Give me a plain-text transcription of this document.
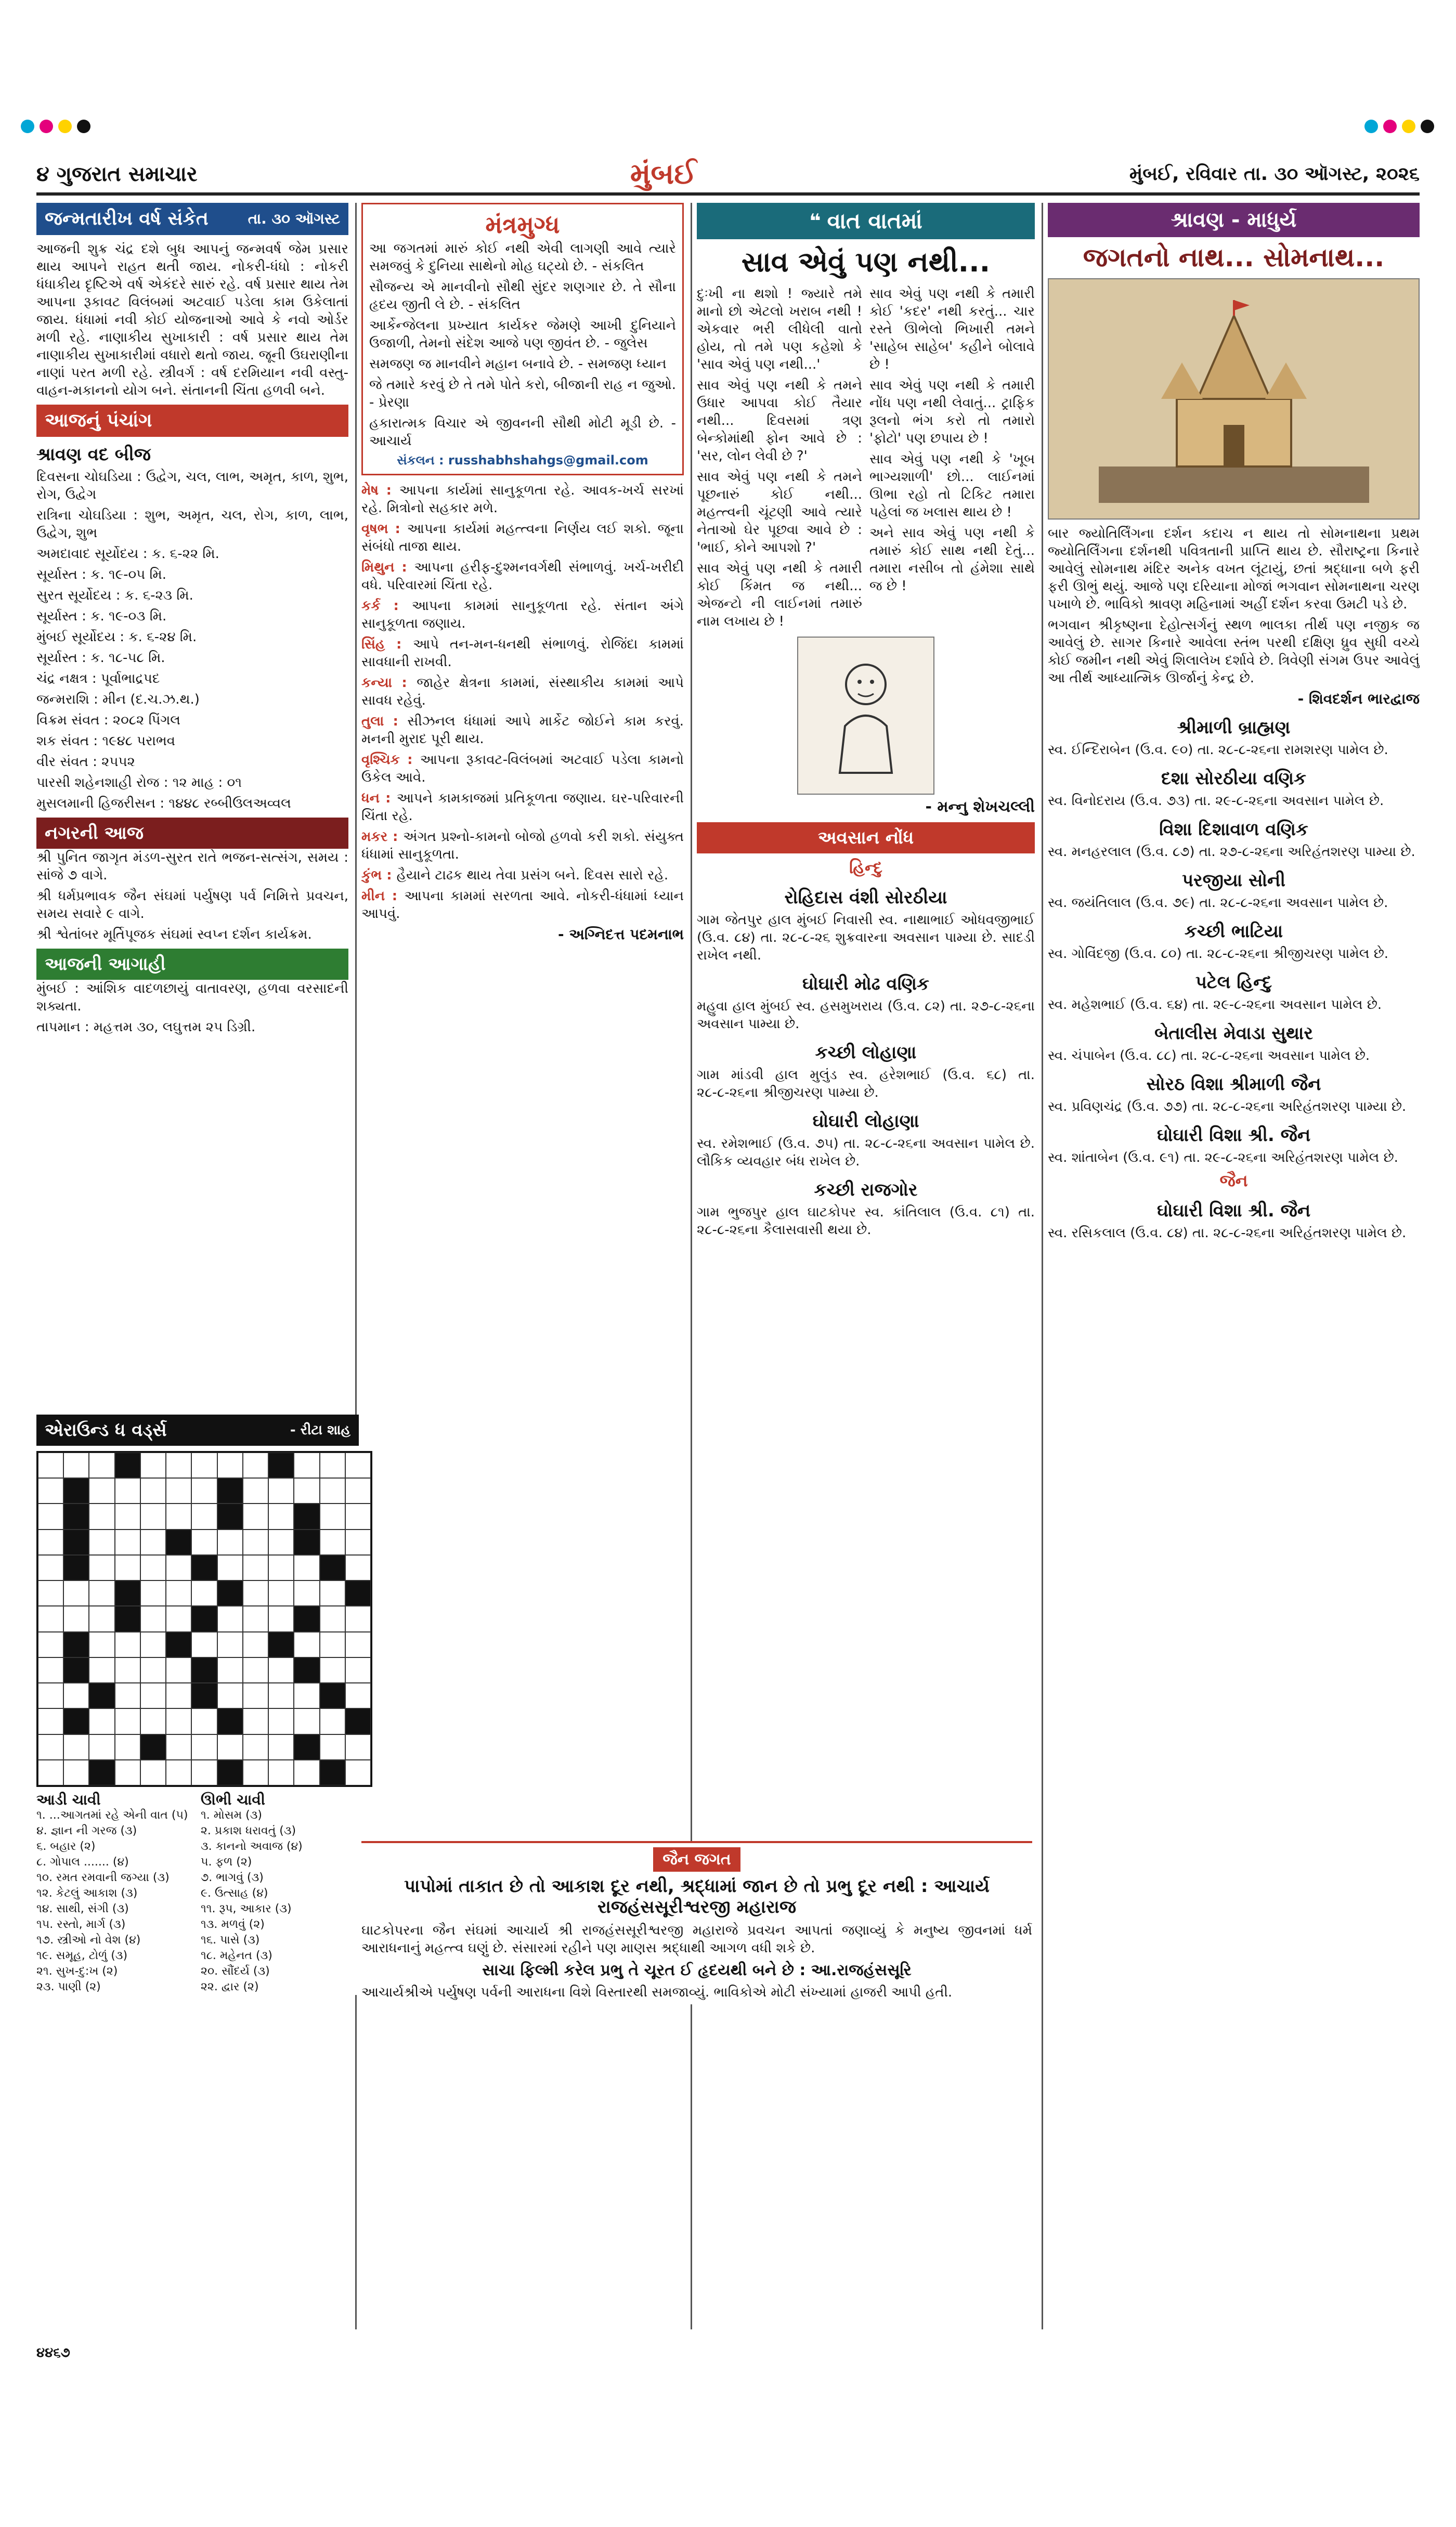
૪ ગુજરાત સમાચાર	મુંબઈ	મુંબઈ, રવિવાર તા. ૩૦ ઑગસ્ટ, ૨૦૨૬
જન્મતારીખ વર્ષ સંકેત	તા. ૩૦ ઑગસ્ટ

આજની શુક્ર ચંદ્ર દશે બુધ આપનું જન્મવર્ષ જેમ પ્રસાર થાય આપને રાહત થતી જાય. નોકરી-ધંધો : નોકરી ધંધાકીય દૃષ્ટિએ વર્ષ એકંદરે સારું રહે. વર્ષ પ્રસાર થાય તેમ આપના રૂકાવટ વિલંબમાં અટવાઈ પડેલા કામ ઉકેલાતાં જાય. ધંધામાં નવી કોઈ યોજનાઓ આવે કે નવો ઓર્ડર મળી રહે. નાણાકીય સુખાકારી : વર્ષ પ્રસાર થાય તેમ નાણાકીય સુખાકારીમાં વધારો થતો જાય. જૂની ઉઘરાણીના નાણાં પરત મળી રહે. સ્ત્રીવર્ગ : વર્ષ દરમિયાન નવી વસ્તુ-વાહન-મકાનનો યોગ બને. સંતાનની ચિંતા હળવી બને.

આજનું પંચાંગ
શ્રાવણ વદ બીજ

દિવસના ચોઘડિયા : ઉદ્વેગ, ચલ, લાભ, અમૃત, કાળ, શુભ, રોગ, ઉદ્વેગ

રાત્રિના ચોઘડિયા : શુભ, અમૃત, ચલ, રોગ, કાળ, લાભ, ઉદ્વેગ, શુભ

અમદાવાદ સૂર્યોદય : ક. ૬-૨૨ મિ.

સૂર્યાસ્ત : ક. ૧૯-૦૫ મિ.

સુરત સૂર્યોદય : ક. ૬-૨૩ મિ.

સૂર્યાસ્ત : ક. ૧૯-૦૩ મિ.

મુંબઈ સૂર્યોદય : ક. ૬-૨૪ મિ.

સૂર્યાસ્ત : ક. ૧૮-૫૮ મિ.

ચંદ્ર નક્ષત્ર : પૂર્વાભાદ્રપદ

જન્મરાશિ : મીન (દ.ચ.ઝ.થ.)

વિક્રમ સંવત : ૨૦૮૨ પિંગલ

શક સંવત : ૧૯૪૮ પરાભવ

વીર સંવત : ૨૫૫૨

પારસી શહેનશાહી રોજ : ૧૨ માહ : ૦૧

મુસલમાની હિજરીસન : ૧૪૪૮ રબ્બીઉલઅવ્વલ

નગરની આજ

શ્રી પુનિત જાગૃત મંડળ-સુરત રાતે ભજન-સત્સંગ, સમય : સાંજે ૭ વાગે.

શ્રી ધર્મપ્રભાવક જૈન સંઘમાં પર્યુષણ પર્વ નિમિત્તે પ્રવચન, સમય સવારે ૯ વાગે.

શ્રી શ્વેતાંબર મૂર્તિપૂજક સંઘમાં સ્વપ્ન દર્શન કાર્યક્રમ.

આજની આગાહી

મુંબઈ : આંશિક વાદળછાયું વાતાવરણ, હળવા વરસાદની શક્યતા.

તાપમાન : મહત્તમ ૩૦, લઘુત્તમ ૨૫ ડિગ્રી.

મંત્રમુગ્ધ

આ જગતમાં મારું કોઈ નથી એવી લાગણી આવે ત્યારે સમજવું કે દુનિયા સાથેનો મોહ ઘટ્યો છે. - સંકલિત

સૌજન્ય એ માનવીનો સૌથી સુંદર શણગાર છે. તે સૌના હૃદય જીતી લે છે. - સંકલિત

આર્કેન્જેલના પ્રખ્યાત કાર્યકર જેમણે આખી દુનિયાને ઉજાળી, તેમનો સંદેશ આજે પણ જીવંત છે. - જુલેસ

સમજણ જ માનવીને મહાન બનાવે છે. - સમજણ ધ્યાન

જે તમારે કરવું છે તે તમે પોતે કરો, બીજાની રાહ ન જુઓ. - પ્રેરણા

હકારાત્મક વિચાર એ જીવનની સૌથી મોટી મૂડી છે. - આચાર્ય

સંકલન : russhabhshahgs@gmail.com

મેષ : આપના કાર્યમાં સાનુકૂળતા રહે. આવક-ખર્ચ સરખાં રહે. મિત્રોનો સહકાર મળે.

વૃષભ : આપના કાર્યમાં મહત્ત્વના નિર્ણય લઈ શકો. જૂના સંબંધો તાજા થાય.

મિથુન : આપના હરીફ-દુશ્મનવર્ગથી સંભાળવું. ખર્ચ-ખરીદી વધે. પરિવારમાં ચિંતા રહે.

કર્ક : આપના કામમાં સાનુકૂળતા રહે. સંતાન અંગે સાનુકૂળતા જણાય.

સિંહ : આપે તન-મન-ધનથી સંભાળવું. રોજિંદા કામમાં સાવધાની રાખવી.

કન્યા : જાહેર ક્ષેત્રના કામમાં, સંસ્થાકીય કામમાં આપે સાવધ રહેવું.

તુલા : સીઝનલ ધંધામાં આપે માર્કેટ જોઈને કામ કરવું. મનની મુરાદ પૂરી થાય.

વૃશ્ચિક : આપના રૂકાવટ-વિલંબમાં અટવાઈ પડેલા કામનો ઉકેલ આવે.

ધન : આપને કામકાજમાં પ્રતિકૂળતા જણાય. ઘર-પરિવારની ચિંતા રહે.

મકર : અંગત પ્રશ્નો-કામનો બોજો હળવો કરી શકો. સંયુક્ત ધંધામાં સાનુકૂળતા.

કુંભ : હૈયાને ટાઢક થાય તેવા પ્રસંગ બને. દિવસ સારો રહે.

મીન : આપના કામમાં સરળતા આવે. નોકરી-ધંધામાં ધ્યાન આપવું.

- અગ્નિદત્ત પદમનાભ
❝ વાત વાતમાં
સાવ એવું પણ નથી...

દુઃખી ના થશો ! જ્યારે તમે માનો છો એટલો ખરાબ નથી ! એકવાર ભરી લીધેલી વાતો હોય, તો તમે પણ કહેશો કે 'સાવ એવું પણ નથી...'

સાવ એવું પણ નથી કે તમને ઉધાર આપવા કોઈ તૈયાર નથી... દિવસમાં ત્રણ બેન્કોમાંથી ફોન આવે છે : 'સર, લોન લેવી છે ?'

સાવ એવું પણ નથી કે તમને પૂછનારું કોઈ નથી... મહત્ત્વની ચૂંટણી આવે ત્યારે નેતાઓ ઘેર પૂછવા આવે છે : 'ભાઈ, કોને આપશો ?'

સાવ એવું પણ નથી કે તમારી કોઈ કિંમત જ નથી... એજન્ટો ની લાઈનમાં તમારું નામ લખાય છે !

સાવ એવું પણ નથી કે તમારી કોઈ 'કદર' નથી કરતું... ચાર રસ્તે ઊભેલો ભિખારી તમને 'સાહેબ સાહેબ' કહીને બોલાવે છે !

સાવ એવું પણ નથી કે તમારી નોંધ પણ નથી લેવાતું... ટ્રાફિક રૂલનો ભંગ કરો તો તમારો 'ફોટો' પણ છપાય છે !

સાવ એવું પણ નથી કે 'ખૂબ ભાગ્યશાળી' છો... લાઈનમાં ઊભા રહો તો ટિકિટ તમારા પહેલાં જ ખલાસ થાય છે !

અને સાવ એવું પણ નથી કે તમારું કોઈ સાથ નથી દેતું... તમારા નસીબ તો હંમેશા સાથે જ છે !

- મન્નુ શેખચલ્લી
અવસાન નોંધ
હિન્દુ
રોહિદાસ વંશી સોરઠીયા

ગામ જેતપુર હાલ મુંબઈ નિવાસી સ્વ. નાથાભાઈ ઓધવજીભાઈ (ઉ.વ. ૮૪) તા. ૨૮-૮-૨૬ શુક્રવારના અવસાન પામ્યા છે. સાદડી રાખેલ નથી.

ઘોઘારી મોઢ વણિક

મહુવા હાલ મુંબઈ સ્વ. હસમુખરાય (ઉ.વ. ૮૨) તા. ૨૭-૮-૨૬ના અવસાન પામ્યા છે.

કચ્છી લોહાણા

ગામ માંડવી હાલ મુલુંડ સ્વ. હરેશભાઈ (ઉ.વ. ૬૮) તા. ૨૮-૮-૨૬ના શ્રીજીચરણ પામ્યા છે.

ઘોઘારી લોહાણા

સ્વ. રમેશભાઈ (ઉ.વ. ૭૫) તા. ૨૮-૮-૨૬ના અવસાન પામેલ છે. લૌકિક વ્યવહાર બંધ રાખેલ છે.

કચ્છી રાજગોર

ગામ ભુજપુર હાલ ઘાટકોપર સ્વ. કાંતિલાલ (ઉ.વ. ૮૧) તા. ૨૮-૮-૨૬ના કૈલાસવાસી થયા છે.

શ્રાવણ - માધુર્ય
જગતનો નાથ... સોમનાથ...

બાર જ્યોતિર્લિંગના દર્શન કદાચ ન થાય તો સોમનાથના પ્રથમ જ્યોતિર્લિંગના દર્શનથી પવિત્રતાની પ્રાપ્તિ થાય છે. સૌરાષ્ટ્રના કિનારે આવેલું સોમનાથ મંદિર અનેક વખત લૂંટાયું, છતાં શ્રદ્ધાના બળે ફરી ફરી ઊભું થયું. આજે પણ દરિયાના મોજાં ભગવાન સોમનાથના ચરણ પખાળે છે. ભાવિકો શ્રાવણ મહિનામાં અહીં દર્શન કરવા ઉમટી પડે છે.

ભગવાન શ્રીકૃષ્ણના દેહોત્સર્ગનું સ્થળ ભાલકા તીર્થ પણ નજીક જ આવેલું છે. સાગર કિનારે આવેલા સ્તંભ પરથી દક્ષિણ ધ્રુવ સુધી વચ્ચે કોઈ જમીન નથી એવું શિલાલેખ દર્શાવે છે. ત્રિવેણી સંગમ ઉપર આવેલું આ તીર્થ આધ્યાત્મિક ઊર્જાનું કેન્દ્ર છે.

- શિવદર્શન ભારદ્વાજ
શ્રીમાળી બ્રાહ્મણ

સ્વ. ઈન્દિરાબેન (ઉ.વ. ૯૦) તા. ૨૮-૮-૨૬ના રામશરણ પામેલ છે.

દશા સોરઠીયા વણિક

સ્વ. વિનોદરાય (ઉ.વ. ૭૩) તા. ૨૯-૮-૨૬ના અવસાન પામેલ છે.

વિશા દિશાવાળ વણિક

સ્વ. મનહરલાલ (ઉ.વ. ૮૭) તા. ૨૭-૮-૨૬ના અરિહંતશરણ પામ્યા છે.

પરજીયા સોની

સ્વ. જયંતિલાલ (ઉ.વ. ૭૯) તા. ૨૮-૮-૨૬ના અવસાન પામેલ છે.

કચ્છી ભાટિયા

સ્વ. ગોવિંદજી (ઉ.વ. ૮૦) તા. ૨૮-૮-૨૬ના શ્રીજીચરણ પામેલ છે.

પટેલ હિન્દુ

સ્વ. મહેશભાઈ (ઉ.વ. ૬૪) તા. ૨૯-૮-૨૬ના અવસાન પામેલ છે.

બેતાલીસ મેવાડા સુથાર

સ્વ. ચંપાબેન (ઉ.વ. ૮૮) તા. ૨૮-૮-૨૬ના અવસાન પામેલ છે.

સોરઠ વિશા શ્રીમાળી જૈન

સ્વ. પ્રવિણચંદ્ર (ઉ.વ. ૭૭) તા. ૨૮-૮-૨૬ના અરિહંતશરણ પામ્યા છે.

ઘોઘારી વિશા શ્રી. જૈન

સ્વ. શાંતાબેન (ઉ.વ. ૯૧) તા. ૨૯-૮-૨૬ના અરિહંતશરણ પામેલ છે.

જૈન
ઘોઘારી વિશા શ્રી. જૈન

સ્વ. રસિકલાલ (ઉ.વ. ૮૪) તા. ૨૮-૮-૨૬ના અરિહંતશરણ પામેલ છે.

એરાઉન્ડ ધ વર્ડ્સ	- રીટા શાહ
આડી ચાવી
૧. ...આગતમાં રહે એની વાત (૫)
૪. જ્ઞાન ની ગરજ (૩)
૬. બહાર (૨)
૮. ગોપાલ ....... (૪)
૧૦. રમત રમવાની જગ્યા (૩)
૧૨. કેટલું આકાશ (૩)
૧૪. સાથી, સંગી (૩)
૧૫. રસ્તો, માર્ગ (૩)
૧૭. સ્ત્રીઓ નો વેશ (૪)
૧૯. સમૂહ, ટોળું (૩)
૨૧. સુખ-દુ:ખ (૨)
૨૩. પાણી (૨)
ઊભી ચાવી
૧. મોસમ (૩)
૨. પ્રકાશ ધરાવતું (૩)
૩. કાનનો અવાજ (૪)
૫. ફળ (૨)
૭. ભાગવું (૩)
૯. ઉત્સાહ (૪)
૧૧. રૂપ, આકાર (૩)
૧૩. મળવું (૨)
૧૬. પાસે (૩)
૧૮. મહેનત (૩)
૨૦. સૌંદર્ય (૩)
૨૨. દ્વાર (૨)
જૈન જગત
પાપોમાં તાકાત છે તો આકાશ દૂર નથી, શ્રદ્ધામાં જાન છે તો પ્રભુ દૂર નથી : આચાર્ય રાજહંસસૂરીશ્વરજી મહારાજ

ઘાટકોપરના જૈન સંઘમાં આચાર્ય શ્રી રાજહંસસૂરીશ્વરજી મહારાજે પ્રવચન આપતાં જણાવ્યું કે મનુષ્ય જીવનમાં ધર્મ આરાધનાનું મહત્ત્વ ઘણું છે. સંસારમાં રહીને પણ માણસ શ્રદ્ધાથી આગળ વધી શકે છે.

સાચા ફિલ્મી કરેલ પ્રભુ તે ચૂરત ઈ હૃદયથી બને છે : આ.રાજહંસસૂરિ

આચાર્યશ્રીએ પર્યુષણ પર્વની આરાધના વિશે વિસ્તારથી સમજાવ્યું. ભાવિકોએ મોટી સંખ્યામાં હાજરી આપી હતી.

૪૪૬૭
